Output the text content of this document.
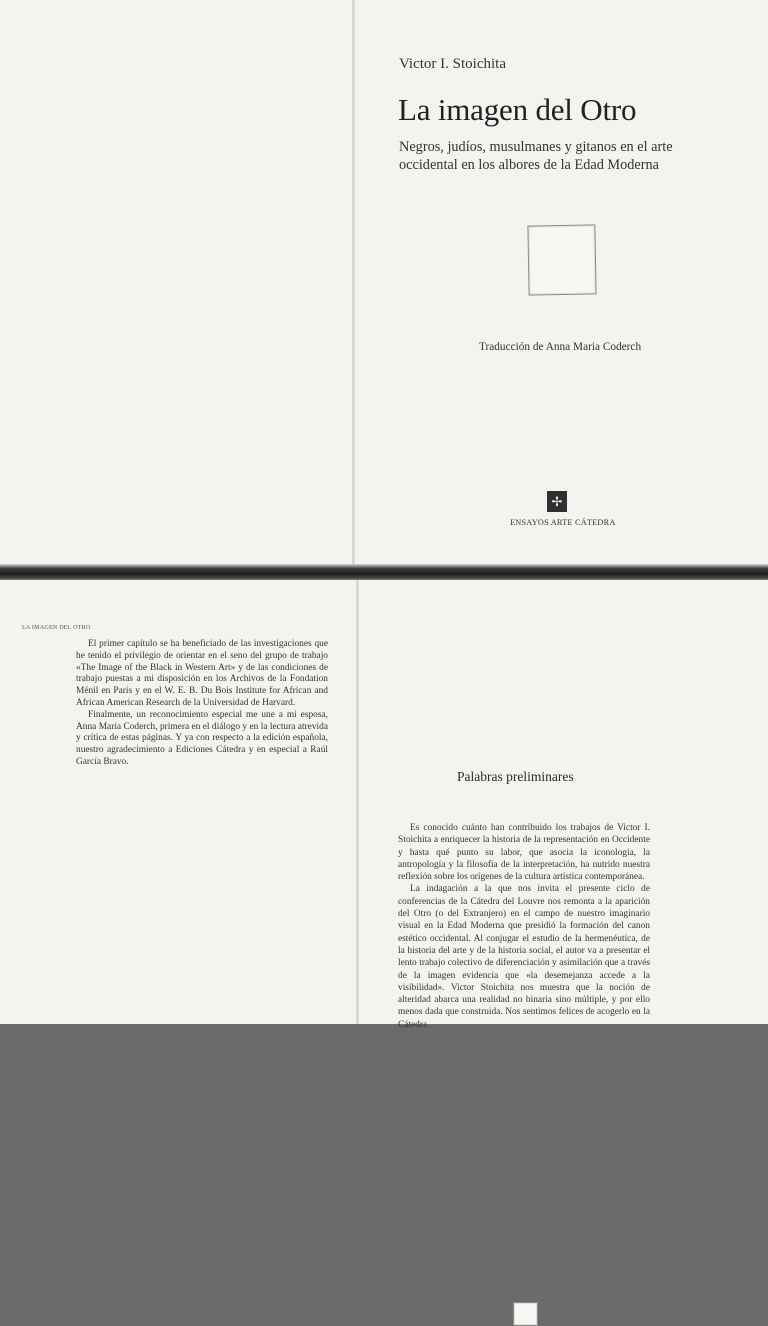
Victor I. Stoichita
La imagen del Otro
Negros, judíos, musulmanes y gitanos en el arte occidental en los albores de la Edad Moderna
Traducción de Anna Maria Coderch
✢
ENSAYOS ARTE CÁTEDRA
LA IMAGEN DEL OTRO

El primer capítulo se ha beneficiado de las investigaciones que he tenido el privilegio de orientar en el seno del grupo de trabajo «The Image of the Black in Western Art» y de las condiciones de trabajo puestas a mi disposición en los Archivos de la Fondation Ménil en París y en el W. E. B. Du Bois Institute for African and African American Research de la Universidad de Harvard.

Finalmente, un reconocimiento especial me une a mi esposa, Anna Maria Coderch, primera en el diálogo y en la lectura atrevida y crítica de estas páginas. Y ya con respecto a la edición española, nuestro agradecimiento a Ediciones Cátedra y en especial a Raúl García Bravo.

Palabras preliminares

Es conocido cuánto han contribuido los trabajos de Victor I. Stoichita a enriquecer la historia de la representación en Occidente y hasta qué punto su labor, que asocia la iconología, la antropología y la filosofía de la interpretación, ha nutrido nuestra reflexión sobre los orígenes de la cultura artística contemporánea.

La indagación a la que nos invita el presente ciclo de conferencias de la Cátedra del Louvre nos remonta a la aparición del Otro (o del Extranjero) en el campo de nuestro imaginario visual en la Edad Moderna que presidió la formación del canon estético occidental. Al conjugar el estudio de la hermenéutica, de la historia del arte y de la historia social, el autor va a presentar el lento trabajo colectivo de diferenciación y asimilación que a través de la imagen evidencia que «la desemejanza accede a la visibilidad». Victor Stoichita nos muestra que la noción de alteridad abarca una realidad no binaria sino múltiple, y por ello menos dada que construida. Nos sentimos felices de acogerlo en la Cátedra
